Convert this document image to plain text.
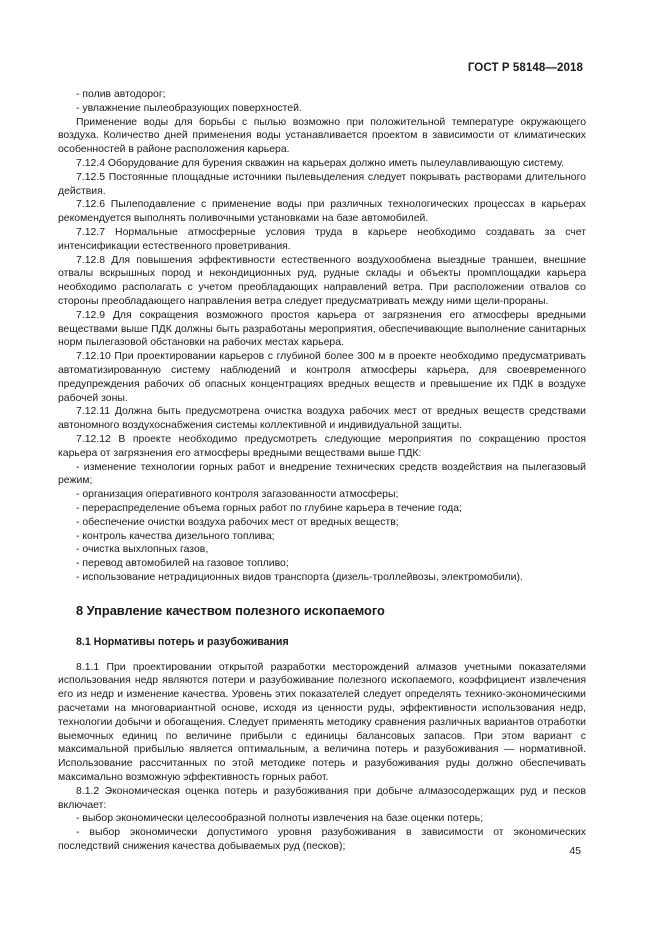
ГОСТ Р 58148—2018

- полив автодорог;

- увлажнение пылеобразующих поверхностей.

Применение воды для борьбы с пылью возможно при положительной температуре окружающего воздуха. Количество дней применения воды устанавливается проектом в зависимости от климатических особенностей в районе расположения карьера.

7.12.4 Оборудование для бурения скважин на карьерах должно иметь пылеулавливающую систему.

7.12.5 Постоянные площадные источники пылевыделения следует покрывать растворами длительного действия.

7.12.6 Пылеподавление с применение воды при различных технологических процессах в карьерах рекомендуется выполнять поливочными установками на базе автомобилей.

7.12.7 Нормальные атмосферные условия труда в карьере необходимо создавать за счет интенсификации естественного проветривания.

7.12.8 Для повышения эффективности естественного воздухообмена выездные траншеи, внешние отвалы вскрышных пород и некондиционных руд, рудные склады и объекты промплощадки карьера необходимо располагать с учетом преобладающих направлений ветра. При расположении отвалов со стороны преобладающего направления ветра следует предусматривать между ними щели-прораны.

7.12.9 Для сокращения возможного простоя карьера от загрязнения его атмосферы вредными веществами выше ПДК должны быть разработаны мероприятия, обеспечивающие выполнение санитарных норм пылегазовой обстановки на рабочих местах карьера.

7.12.10 При проектировании карьеров с глубиной более 300 м в проекте необходимо предусматривать автоматизированную систему наблюдений и контроля атмосферы карьера, для своевременного предупреждения рабочих об опасных концентрациях вредных веществ и превышение их ПДК в воздухе рабочей зоны.

7.12.11 Должна быть предусмотрена очистка воздуха рабочих мест от вредных веществ средствами автономного воздухоснабжения системы коллективной и индивидуальной защиты.

7.12.12 В проекте необходимо предусмотреть следующие мероприятия по сокращению простоя карьера от загрязнения его атмосферы вредными веществами выше ПДК:

- изменение технологии горных работ и внедрение технических средств воздействия на пылегазовый режим;

- организация оперативного контроля загазованности атмосферы;

- перераспределение объема горных работ по глубине карьера в течение года;

- обеспечение очистки воздуха рабочих мест от вредных веществ;

- контроль качества дизельного топлива;

- очистка выхлопных газов,

- перевод автомобилей на газовое топливо;

- использование нетрадиционных видов транспорта (дизель-троллейвозы, электромобили).

8 Управление качеством полезного ископаемого

8.1 Нормативы потерь и разубоживания

8.1.1 При проектировании открытой разработки месторождений алмазов учетными показателями использования недр являются потери и разубоживание полезного ископаемого, коэффициент извлечения его из недр и изменение качества. Уровень этих показателей следует определять технико-экономическими расчетами на многовариантной основе, исходя из ценности руды, эффективности использования недр, технологии добычи и обогащения. Следует применять методику сравнения различных вариантов отработки выемочных единиц по величине прибыли с единицы балансовых запасов. При этом вариант с максимальной прибылью является оптимальным, а величина потерь и разубоживания — нормативной. Использование рассчитанных по этой методике потерь и разубоживания руды должно обеспечивать максимально возможную эффективность горных работ.

8.1.2 Экономическая оценка потерь и разубоживания при добыче алмазосодержащих руд и песков включает:

- выбор экономически целесообразной полноты извлечения на базе оценки потерь;

- выбор экономически допустимого уровня разубоживания в зависимости от экономических последствий снижения качества добываемых руд (песков);	45
